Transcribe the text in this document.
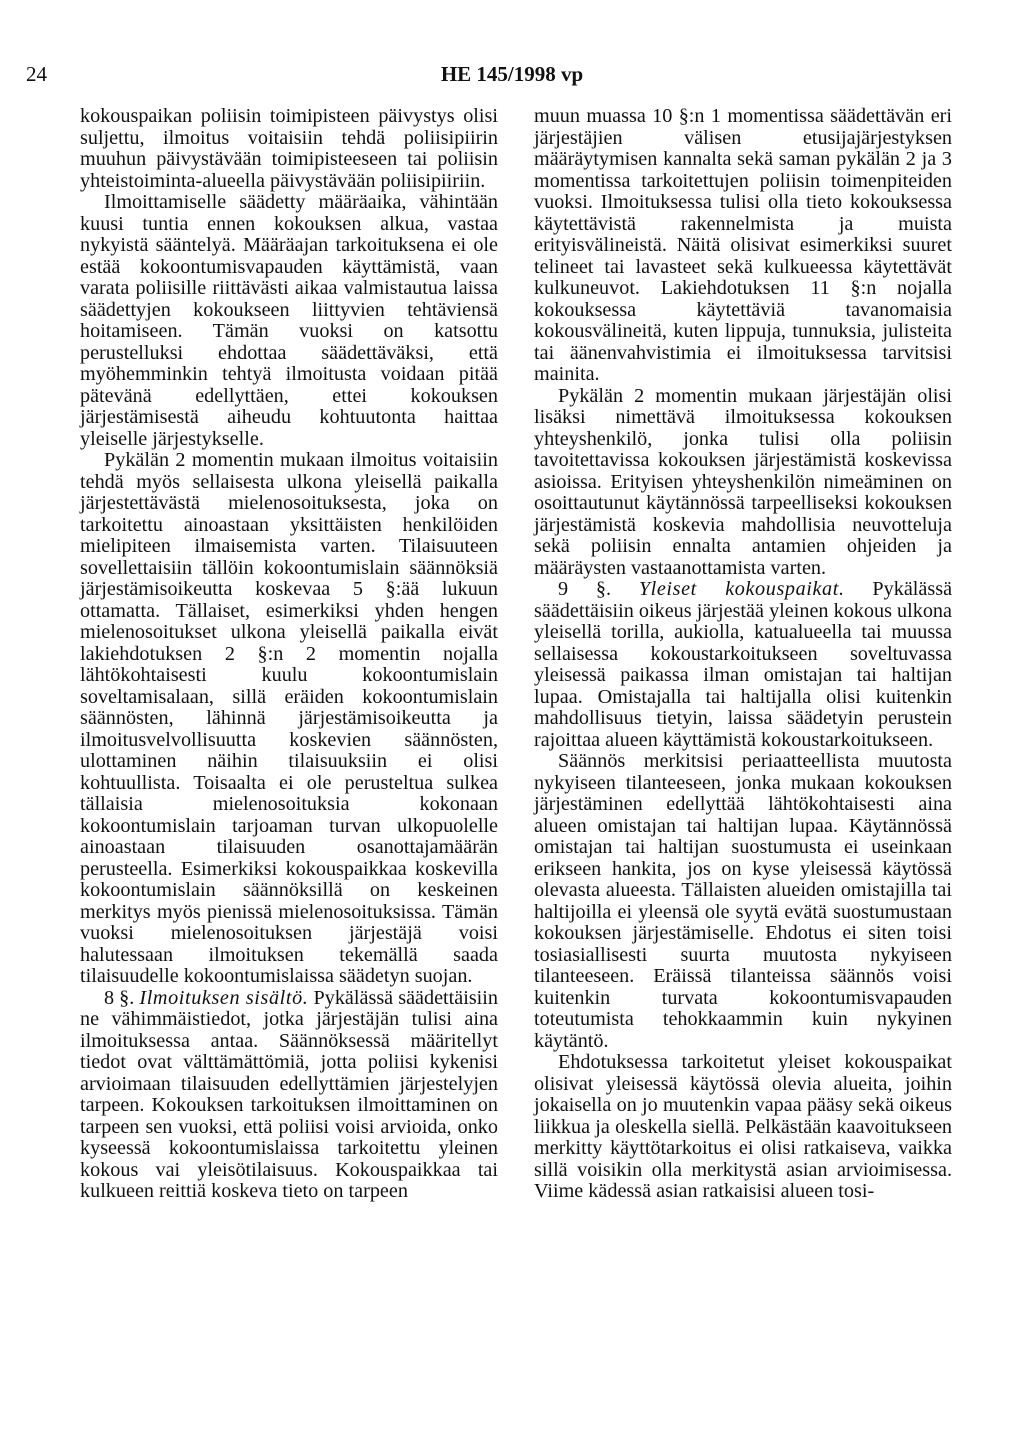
24	HE 145/1998 vp

kokouspaikan poliisin toimipisteen päivystys olisi suljettu, ilmoitus voitaisiin tehdä poliisipiirin muuhun päivystävään toimipisteeseen tai poliisin yhteistoiminta-alueella päivystävään poliisipiiriin.

Ilmoittamiselle säädetty määräaika, vähintään kuusi tuntia ennen kokouksen alkua, vastaa nykyistä sääntelyä. Määräajan tarkoituksena ei ole estää kokoontumisvapauden käyttämistä, vaan varata poliisille riittävästi aikaa valmistautua laissa säädettyjen kokoukseen liittyvien tehtäviensä hoitamiseen. Tämän vuoksi on katsottu perustelluksi ehdottaa säädettäväksi, että myöhemminkin tehtyä ilmoitusta voidaan pitää pätevänä edellyttäen, ettei kokouksen järjestämisestä aiheudu kohtuutonta haittaa yleiselle järjestykselle.

Pykälän 2 momentin mukaan ilmoitus voitaisiin tehdä myös sellaisesta ulkona yleisellä paikalla järjestettävästä mielenosoituksesta, joka on tarkoitettu ainoastaan yksittäisten henkilöiden mielipiteen ilmaisemista varten. Tilaisuuteen sovellettaisiin tällöin kokoontumislain säännöksiä järjestämisoikeutta koskevaa 5 §:ää lukuun ottamatta. Tällaiset, esimerkiksi yhden hengen mielenosoitukset ulkona yleisellä paikalla eivät lakiehdotuksen 2 §:n 2 momentin nojalla lähtökohtaisesti kuulu kokoontumislain soveltamisalaan, sillä eräiden kokoontumislain säännösten, lähinnä järjestämisoikeutta ja ilmoitusvelvollisuutta koskevien säännösten, ulottaminen näihin tilaisuuksiin ei olisi kohtuullista. Toisaalta ei ole perusteltua sulkea tällaisia mielenosoituksia kokonaan kokoontumislain tarjoaman turvan ulkopuolelle ainoastaan tilaisuuden osanottajamäärän perusteella. Esimerkiksi kokouspaikkaa koskevilla kokoontumislain säännöksillä on keskeinen merkitys myös pienissä mielenosoituksissa. Tämän vuoksi mielenosoituksen järjestäjä voisi halutessaan ilmoituksen tekemällä saada tilaisuudelle kokoontumislaissa säädetyn suojan.

8 §. Ilmoituksen sisältö. Pykälässä säädettäisiin ne vähimmäistiedot, jotka järjestäjän tulisi aina ilmoituksessa antaa. Säännöksessä määritellyt tiedot ovat välttämättömiä, jotta poliisi kykenisi arvioimaan tilaisuuden edellyttämien järjestelyjen tarpeen. Kokouksen tarkoituksen ilmoittaminen on tarpeen sen vuoksi, että poliisi voisi arvioida, onko kyseessä kokoontumislaissa tarkoitettu yleinen kokous vai yleisötilaisuus. Kokouspaikkaa tai kulkueen reittiä koskeva tieto on tarpeen

muun muassa 10 §:n 1 momentissa säädettävän eri järjestäjien välisen etusijajärjestyksen määräytymisen kannalta sekä saman pykälän 2 ja 3 momentissa tarkoitettujen poliisin toimenpiteiden vuoksi. Ilmoituksessa tulisi olla tieto kokouksessa käytettävistä rakennelmista ja muista erityisvälineistä. Näitä olisivat esimerkiksi suuret telineet tai lavasteet sekä kulkueessa käytettävät kulkuneuvot. Lakiehdotuksen 11 §:n nojalla kokouksessa käytettäviä tavanomaisia kokousvälineitä, kuten lippuja, tunnuksia, julisteita tai äänenvahvistimia ei ilmoituksessa tarvitsisi mainita.

Pykälän 2 momentin mukaan järjestäjän olisi lisäksi nimettävä ilmoituksessa kokouksen yhteyshenkilö, jonka tulisi olla poliisin tavoitettavissa kokouksen järjestämistä koskevissa asioissa. Erityisen yhteyshenkilön nimeäminen on osoittautunut käytännössä tarpeelliseksi kokouksen järjestämistä koskevia mahdollisia neuvotteluja sekä poliisin ennalta antamien ohjeiden ja määräysten vastaanottamista varten.

9 §. Yleiset kokouspaikat. Pykälässä säädettäisiin oikeus järjestää yleinen kokous ulkona yleisellä torilla, aukiolla, katualueella tai muussa sellaisessa kokoustarkoitukseen soveltuvassa yleisessä paikassa ilman omistajan tai haltijan lupaa. Omistajalla tai haltijalla olisi kuitenkin mahdollisuus tietyin, laissa säädetyin perustein rajoittaa alueen käyttämistä kokoustarkoitukseen.

Säännös merkitsisi periaatteellista muutosta nykyiseen tilanteeseen, jonka mukaan kokouksen järjestäminen edellyttää lähtökohtaisesti aina alueen omistajan tai haltijan lupaa. Käytännössä omistajan tai haltijan suostumusta ei useinkaan erikseen hankita, jos on kyse yleisessä käytössä olevasta alueesta. Tällaisten alueiden omistajilla tai haltijoilla ei yleensä ole syytä evätä suostumustaan kokouksen järjestämiselle. Ehdotus ei siten toisi tosiasiallisesti suurta muutosta nykyiseen tilanteeseen. Eräissä tilanteissa säännös voisi kuitenkin turvata kokoontumisvapauden toteutumista tehokkaammin kuin nykyinen käytäntö.

Ehdotuksessa tarkoitetut yleiset kokouspaikat olisivat yleisessä käytössä olevia alueita, joihin jokaisella on jo muutenkin vapaa pääsy sekä oikeus liikkua ja oleskella siellä. Pelkästään kaavoitukseen merkitty käyttötarkoitus ei olisi ratkaiseva, vaikka sillä voisikin olla merkitystä asian arvioimisessa. Viime kädessä asian ratkaisisi alueen tosi-
